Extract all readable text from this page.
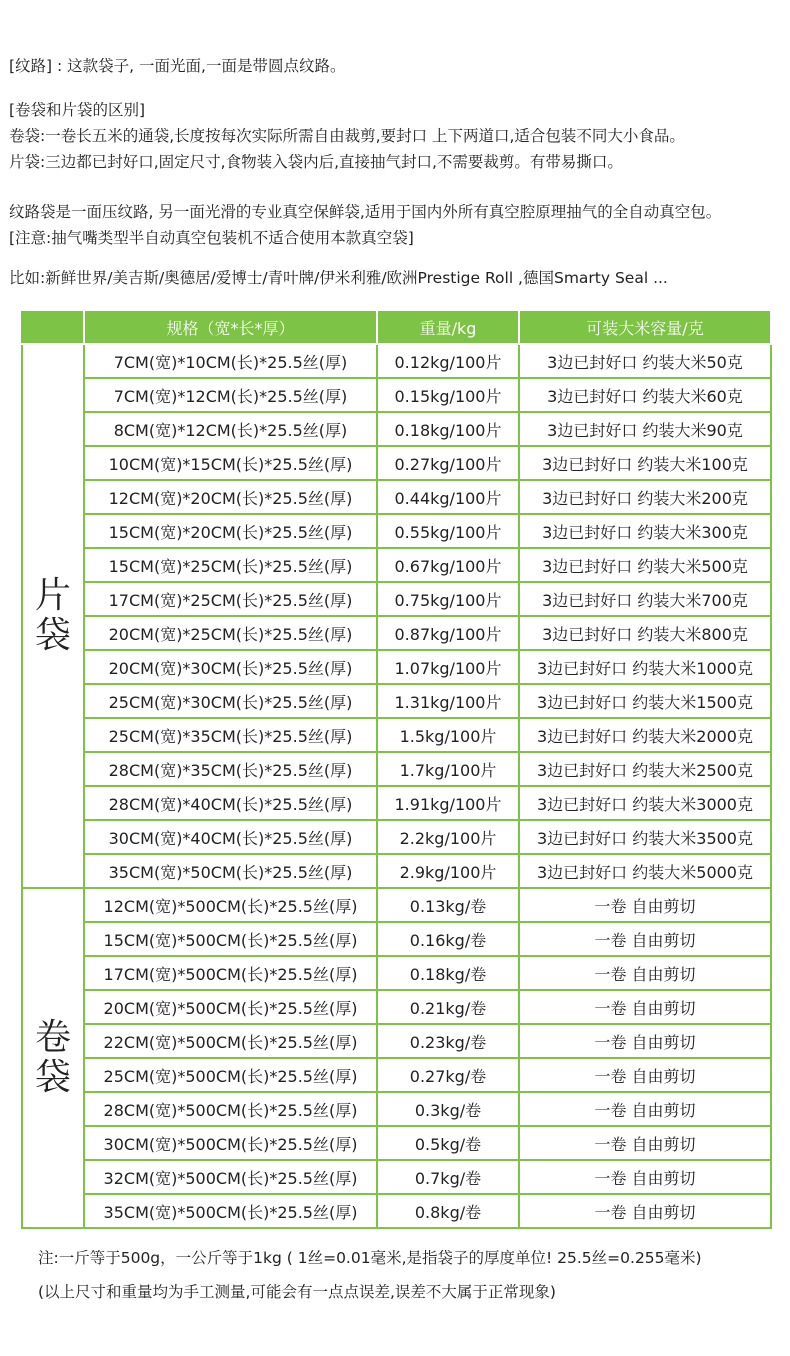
[纹路] : 这款袋子, 一面光面,一面是带圆点纹路。
[卷袋和片袋的区别]
卷袋:一卷长五米的通袋,长度按每次实际所需自由裁剪,要封口 上下两道口,适合包装不同大小食品。
片袋:三边都已封好口,固定尺寸,食物装入袋内后,直接抽气封口,不需要裁剪。有带易撕口。
纹路袋是一面压纹路, 另一面光滑的专业真空保鲜袋,适用于国内外所有真空腔原理抽气的全自动真空包。
[注意:抽气嘴类型半自动真空包装机不适合使用本款真空袋]
比如:新鲜世界/美吉斯/奥德居/爱博士/青叶牌/伊米利雅/欧洲Prestige Roll ,德国Smarty Seal ...
	规格（宽*长*厚）	重量/kg	可装大米容量/克
片袋	7CM(宽)*10CM(长)*25.5丝(厚)	0.12kg/100片	3边已封好口 约装大米50克
	7CM(宽)*12CM(长)*25.5丝(厚)	0.15kg/100片	3边已封好口 约装大米60克
	8CM(宽)*12CM(长)*25.5丝(厚)	0.18kg/100片	3边已封好口 约装大米90克
	10CM(宽)*15CM(长)*25.5丝(厚)	0.27kg/100片	3边已封好口 约装大米100克
	12CM(宽)*20CM(长)*25.5丝(厚)	0.44kg/100片	3边已封好口 约装大米200克
	15CM(宽)*20CM(长)*25.5丝(厚)	0.55kg/100片	3边已封好口 约装大米300克
	15CM(宽)*25CM(长)*25.5丝(厚)	0.67kg/100片	3边已封好口 约装大米500克
	17CM(宽)*25CM(长)*25.5丝(厚)	0.75kg/100片	3边已封好口 约装大米700克
	20CM(宽)*25CM(长)*25.5丝(厚)	0.87kg/100片	3边已封好口 约装大米800克
	20CM(宽)*30CM(长)*25.5丝(厚)	1.07kg/100片	3边已封好口 约装大米1000克
	25CM(宽)*30CM(长)*25.5丝(厚)	1.31kg/100片	3边已封好口 约装大米1500克
	25CM(宽)*35CM(长)*25.5丝(厚)	1.5kg/100片	3边已封好口 约装大米2000克
	28CM(宽)*35CM(长)*25.5丝(厚)	1.7kg/100片	3边已封好口 约装大米2500克
	28CM(宽)*40CM(长)*25.5丝(厚)	1.91kg/100片	3边已封好口 约装大米3000克
	30CM(宽)*40CM(长)*25.5丝(厚)	2.2kg/100片	3边已封好口 约装大米3500克
	35CM(宽)*50CM(长)*25.5丝(厚)	2.9kg/100片	3边已封好口 约装大米5000克
卷袋	12CM(宽)*500CM(长)*25.5丝(厚)	0.13kg/卷	一卷 自由剪切
	15CM(宽)*500CM(长)*25.5丝(厚)	0.16kg/卷	一卷 自由剪切
	17CM(宽)*500CM(长)*25.5丝(厚)	0.18kg/卷	一卷 自由剪切
	20CM(宽)*500CM(长)*25.5丝(厚)	0.21kg/卷	一卷 自由剪切
	22CM(宽)*500CM(长)*25.5丝(厚)	0.23kg/卷	一卷 自由剪切
	25CM(宽)*500CM(长)*25.5丝(厚)	0.27kg/卷	一卷 自由剪切
	28CM(宽)*500CM(长)*25.5丝(厚)	0.3kg/卷	一卷 自由剪切
	30CM(宽)*500CM(长)*25.5丝(厚)	0.5kg/卷	一卷 自由剪切
	32CM(宽)*500CM(长)*25.5丝(厚)	0.7kg/卷	一卷 自由剪切
	35CM(宽)*500CM(长)*25.5丝(厚)	0.8kg/卷	一卷 自由剪切
注:一斤等于500g，一公斤等于1kg ( 1丝=0.01毫米,是指袋子的厚度单位! 25.5丝=0.255毫米)
(以上尺寸和重量均为手工测量,可能会有一点点误差,误差不大属于正常现象)
